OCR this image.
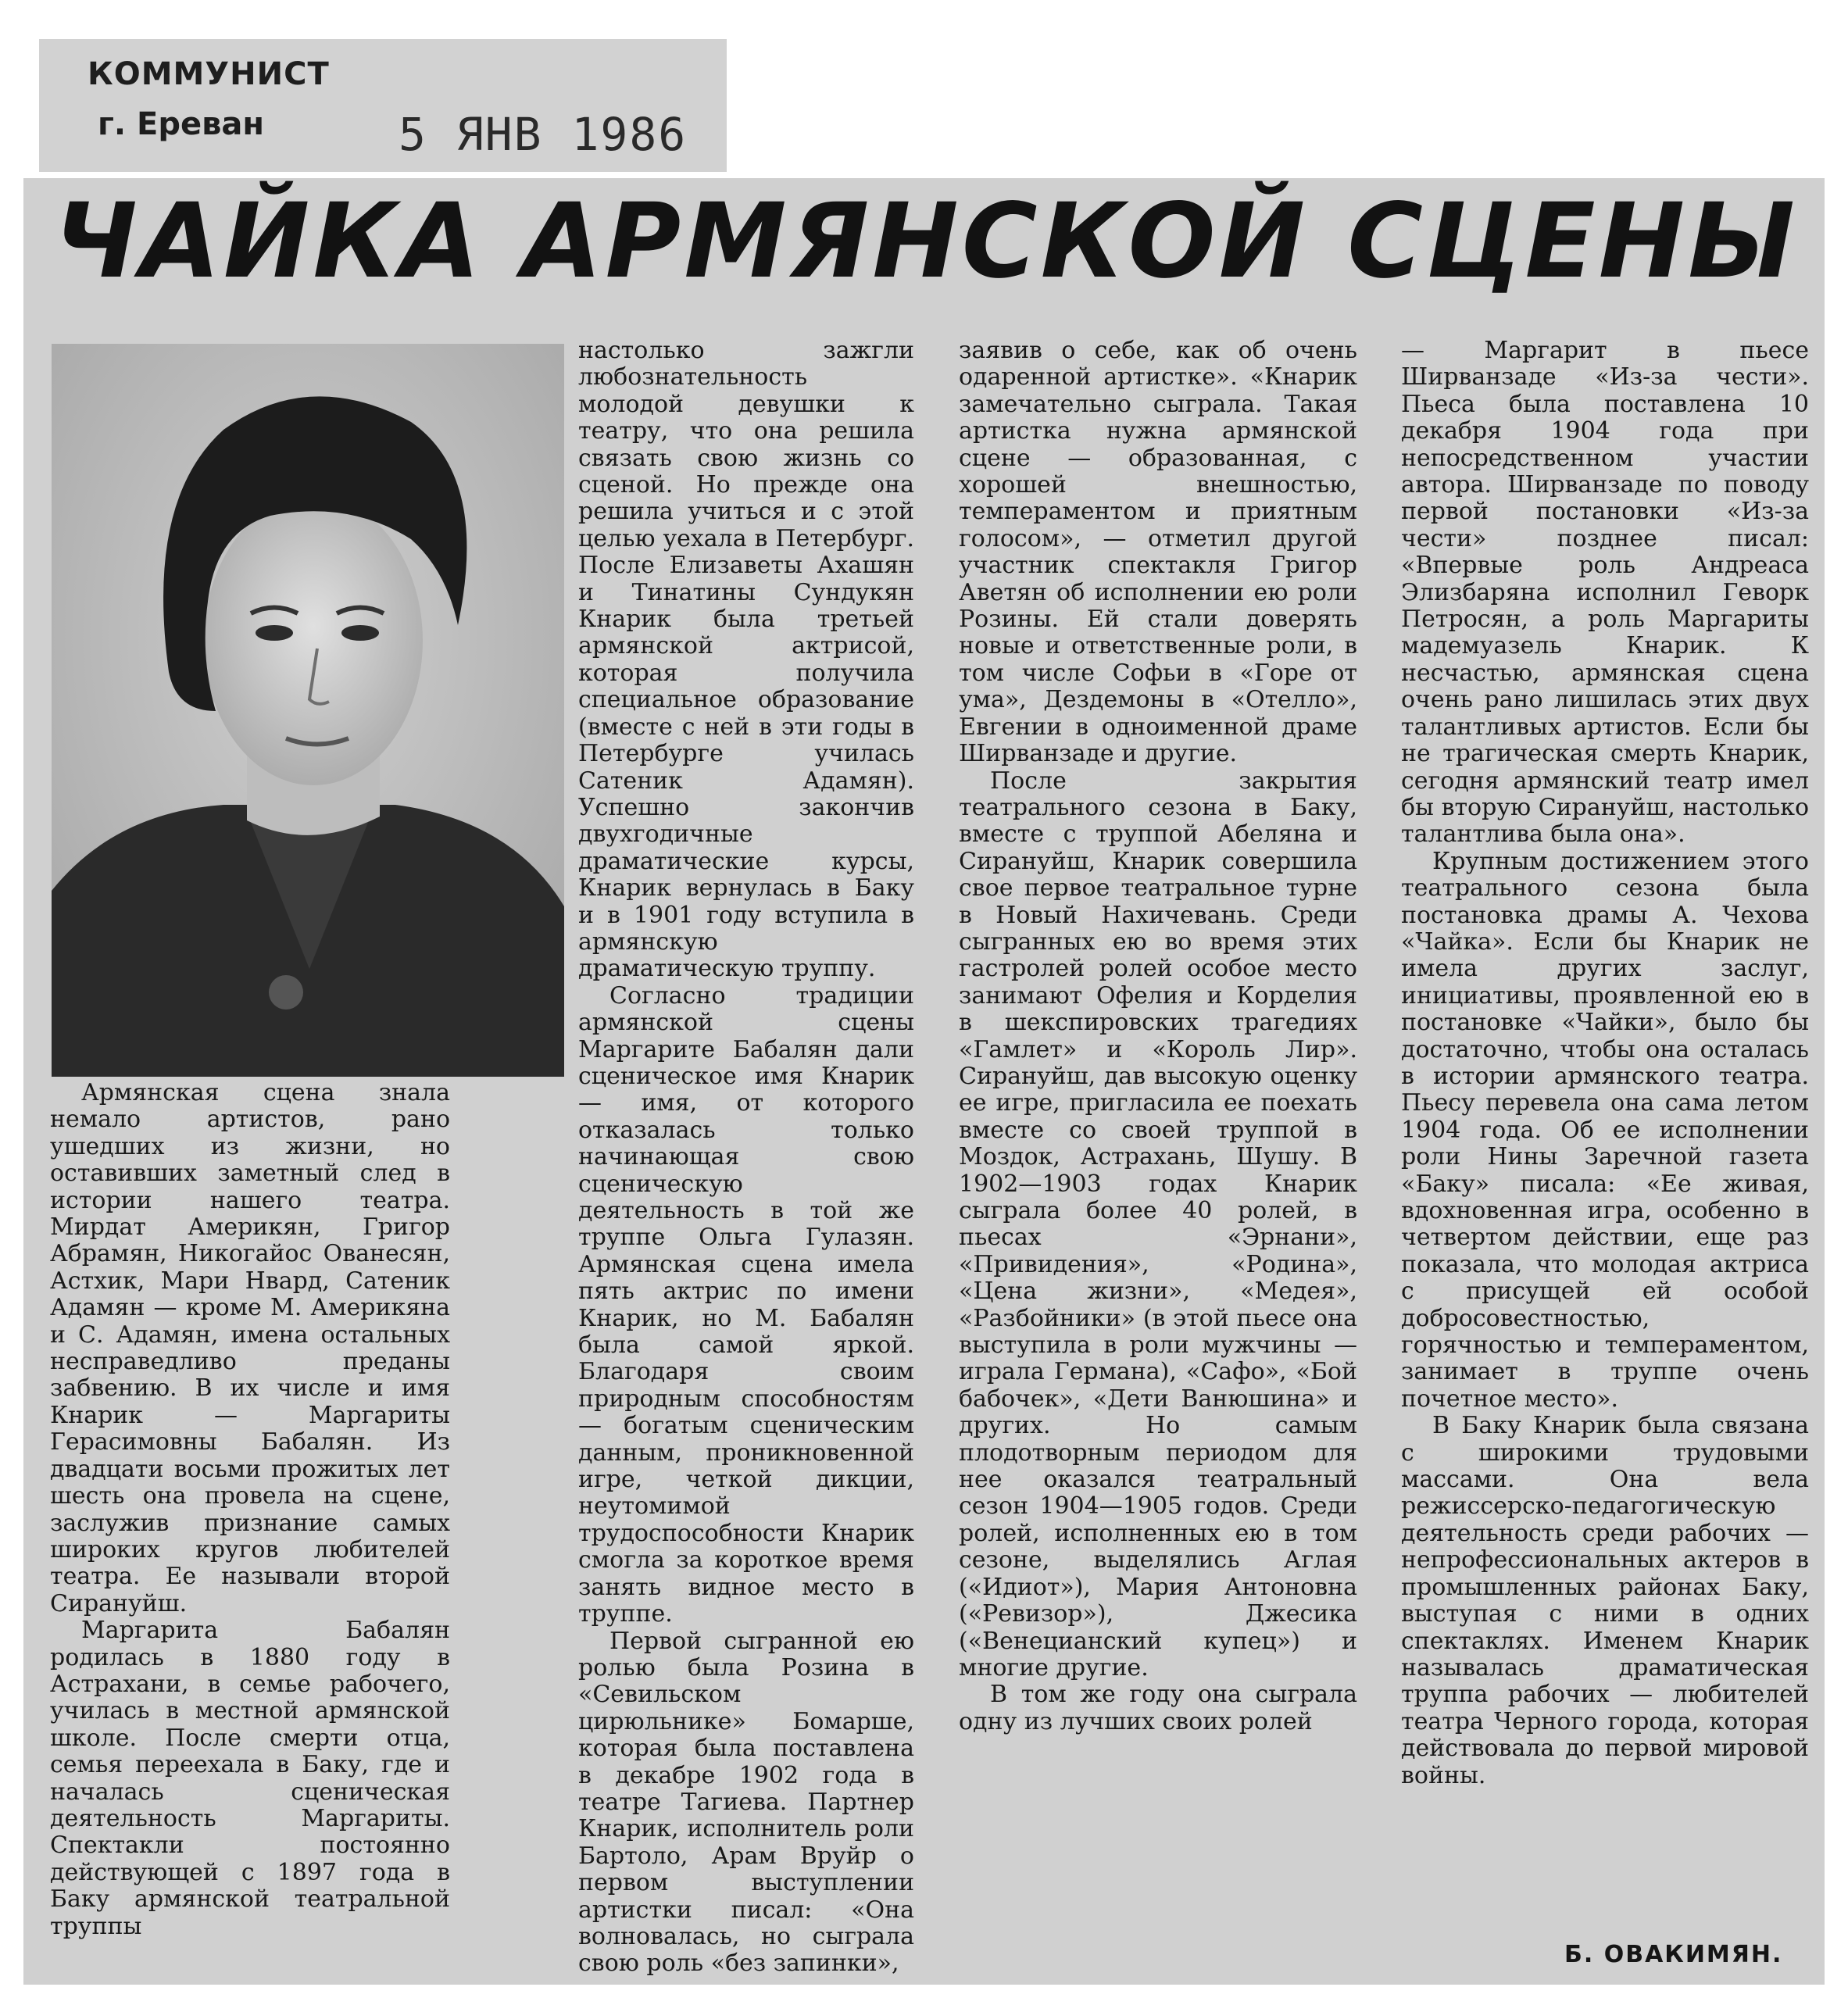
КОММУНИСТ
г. Ереван	5 ЯНВ 1986
ЧАЙКА АРМЯНСКОЙ СЦЕНЫ

Армянская сцена знала немало артистов, рано ушедших из жизни, но оставивших заметный след в истории нашего театра. Мирдат Америкян, Григор Абрамян, Никогайос Ованесян, Астхик, Мари Нвард, Сатеник Адамян — кроме М. Америкяна и С. Адамян, имена остальных несправедливо преданы забвению. В их числе и имя Кнарик — Маргариты Герасимовны Бабалян. Из двадцати восьми прожитых лет шесть она провела на сцене, заслужив признание самых широких кругов любителей театра. Ее называли второй Сирануйш.

Маргарита Бабалян родилась в 1880 году в Астрахани, в семье рабочего, училась в местной армянской школе. После смерти отца, семья переехала в Баку, где и началась сценическая деятельность Маргариты. Спектакли постоянно действующей с 1897 года в Баку армянской театральной труппы

настолько зажгли любознательность молодой девушки к театру, что она решила связать свою жизнь со сценой. Но прежде она решила учиться и с этой целью уехала в Петербург. После Елизаветы Ахашян и Тинатины Сундукян Кнарик была третьей армянской актрисой, которая получила специальное образование (вместе с ней в эти годы в Петербурге училась Сатеник Адамян). Успешно закончив двухгодичные драматические курсы, Кнарик вернулась в Баку и в 1901 году вступила в армянскую драматическую труппу.

Согласно традиции армянской сцены Маргарите Бабалян дали сценическое имя Кнарик — имя, от которого отказалась только начинающая свою сценическую деятельность в той же труппе Ольга Гулазян. Армянская сцена имела пять актрис по имени Кнарик, но М. Бабалян была самой яркой. Благодаря своим природным способностям — богатым сценическим данным, проникновенной игре, четкой дикции, неутомимой трудоспособности Кнарик смогла за короткое время занять видное место в труппе.

Первой сыгранной ею ролью была Розина в «Севильском цирюльнике» Бомарше, которая была поставлена в декабре 1902 года в театре Тагиева. Партнер Кнарик, исполнитель роли Бартоло, Арам Вруйр о первом выступлении артистки писал: «Она волновалась, но сыграла свою роль «без запинки»,

заявив о себе, как об очень одаренной артистке». «Кнарик замечательно сыграла. Такая артистка нужна армянской сцене — образованная, с хорошей внешностью, темпераментом и приятным голосом», — отметил другой участник спектакля Григор Аветян об исполнении ею роли Розины. Ей стали доверять новые и ответственные роли, в том числе Софьи в «Горе от ума», Дездемоны в «Отелло», Евгении в одноименной драме Ширванзаде и другие.

После закрытия театрального сезона в Баку, вместе с труппой Абеляна и Сирануйш, Кнарик совершила свое первое театральное турне в Новый Нахичевань. Среди сыгранных ею во время этих гастролей ролей особое место занимают Офелия и Корделия в шекспировских трагедиях «Гамлет» и «Король Лир». Сирануйш, дав высокую оценку ее игре, пригласила ее поехать вместе со своей труппой в Моздок, Астрахань, Шушу. В 1902—1903 годах Кнарик сыграла более 40 ролей, в пьесах «Эрнани», «Привидения», «Родина», «Цена жизни», «Медея», «Разбойники» (в этой пьесе она выступила в роли мужчины — играла Германа), «Сафо», «Бой бабочек», «Дети Ванюшина» и других. Но самым плодотворным периодом для нее оказался театральный сезон 1904—1905 годов. Среди ролей, исполненных ею в том сезоне, выделялись Аглая («Идиот»), Мария Антоновна («Ревизор»), Джесика («Венецианский купец») и многие другие.

В том же году она сыграла одну из лучших своих ролей

— Маргарит в пьесе Ширванзаде «Из-за чести». Пьеса была поставлена 10 декабря 1904 года при непосредственном участии автора. Ширванзаде по поводу первой постановки «Из-за чести» позднее писал: «Впервые роль Андреаса Элизбаряна исполнил Геворк Петросян, а роль Маргариты мадемуазель Кнарик. К несчастью, армянская сцена очень рано лишилась этих двух талантливых артистов. Если бы не трагическая смерть Кнарик, сегодня армянский театр имел бы вторую Сирануйш, настолько талантлива была она».

Крупным достижением этого театрального сезона была постановка драмы А. Чехова «Чайка». Если бы Кнарик не имела других заслуг, инициативы, проявленной ею в постановке «Чайки», было бы достаточно, чтобы она осталась в истории армянского театра. Пьесу перевела она сама летом 1904 года. Об ее исполнении роли Нины Заречной газета «Баку» писала: «Ее живая, вдохновенная игра, особенно в четвертом действии, еще раз показала, что молодая актриса с присущей ей особой добросовестностью, горячностью и темпераментом, занимает в труппе очень почетное место».

В Баку Кнарик была связана с широкими трудовыми массами. Она вела режиссерско-педагогическую деятельность среди рабочих — непрофессиональных актеров в промышленных районах Баку, выступая с ними в одних спектаклях. Именем Кнарик называлась драматическая труппа рабочих — любителей театра Черного города, которая действовала до первой мировой войны.

Б. ОВАКИМЯН.
